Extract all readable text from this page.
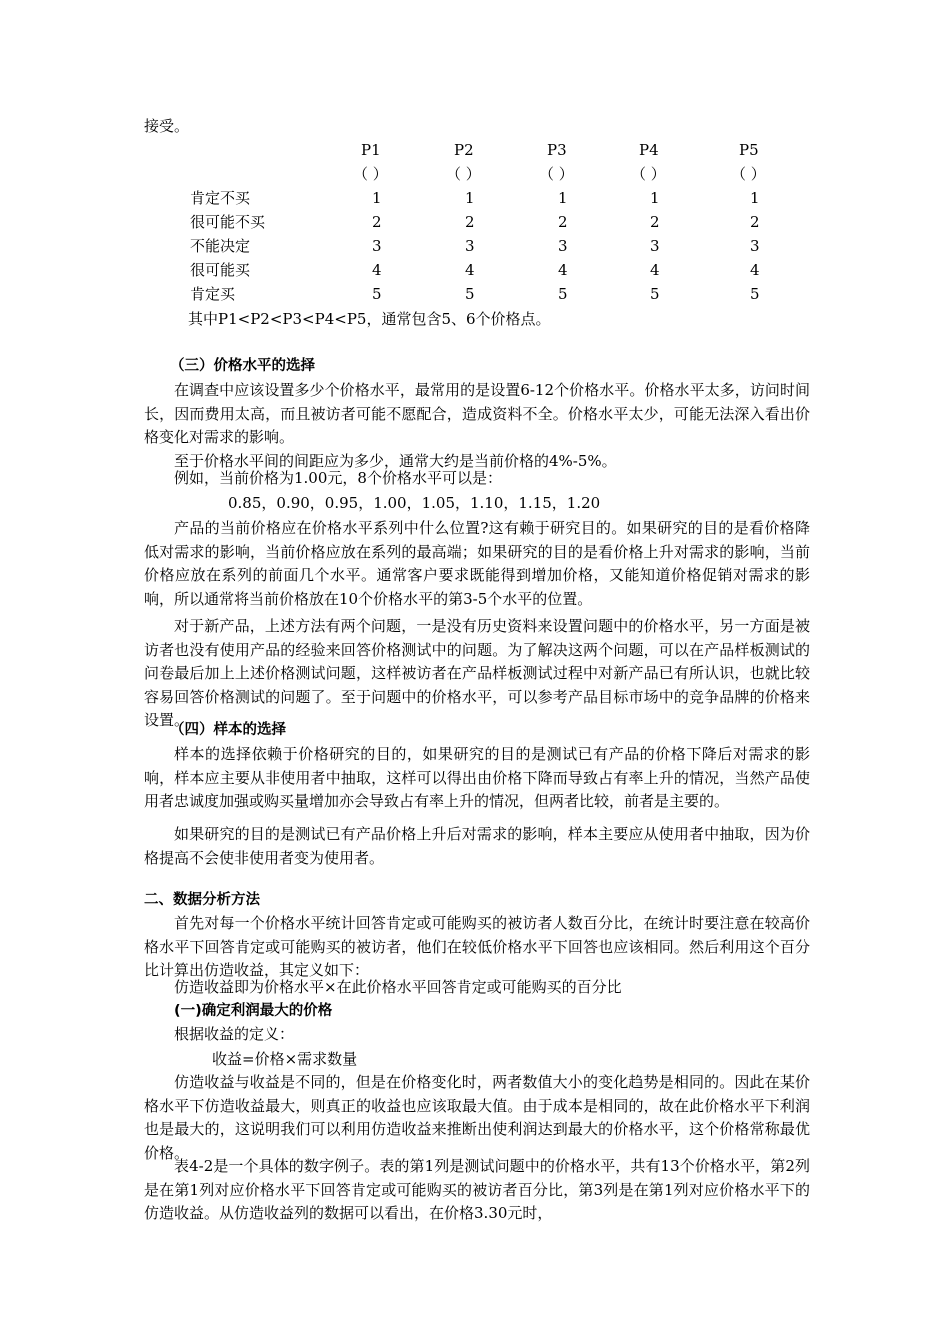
接受。
P1	P2	P3	P4	P5
（ ）	（ ）	（ ）	（ ）	（ ）
肯定不买	1	1	1	1	1
很可能不买	2	2	2	2	2
不能决定	3	3	3	3	3
很可能买	4	4	4	4	4
肯定买	5	5	5	5	5
其中P1<P2<P3<P4<P5，通常包含5、6个价格点。
（三）价格水平的选择
在调查中应该设置多少个价格水平，最常用的是设置6-12个价格水平。价格水平太多，访问时间长，因而费用太高，而且被访者可能不愿配合，造成资料不全。价格水平太少，可能无法深入看出价格变化对需求的影响。
至于价格水平间的间距应为多少，通常大约是当前价格的4%-5%。
例如，当前价格为1.00元，8个价格水平可以是：
0.85，0.90，0.95，1.00，1.05，1.10，1.15，1.20
产品的当前价格应在价格水平系列中什么位置?这有赖于研究目的。如果研究的目的是看价格降低对需求的影响，当前价格应放在系列的最高端；如果研究的目的是看价格上升对需求的影响，当前价格应放在系列的前面几个水平。通常客户要求既能得到增加价格，又能知道价格促销对需求的影响，所以通常将当前价格放在10个价格水平的第3-5个水平的位置。
对于新产品，上述方法有两个问题，一是没有历史资料来设置问题中的价格水平，另一方面是被访者也没有使用产品的经验来回答价格测试中的问题。为了解决这两个问题，可以在产品样板测试的问卷最后加上上述价格测试问题，这样被访者在产品样板测试过程中对新产品已有所认识，也就比较容易回答价格测试的问题了。至于问题中的价格水平，可以参考产品目标市场中的竞争品牌的价格来设置。
（四）样本的选择
样本的选择依赖于价格研究的目的，如果研究的目的是测试已有产品的价格下降后对需求的影响，样本应主要从非使用者中抽取，这样可以得出由价格下降而导致占有率上升的情况，当然产品使用者忠诚度加强或购买量增加亦会导致占有率上升的情况，但两者比较，前者是主要的。
如果研究的目的是测试已有产品价格上升后对需求的影响，样本主要应从使用者中抽取，因为价格提高不会使非使用者变为使用者。
二、数据分析方法
首先对每一个价格水平统计回答肯定或可能购买的被访者人数百分比，在统计时要注意在较高价格水平下回答肯定或可能购买的被访者，他们在较低价格水平下回答也应该相同。然后利用这个百分比计算出仿造收益，其定义如下：
仿造收益即为价格水平×在此价格水平回答肯定或可能购买的百分比
(一)确定利润最大的价格
根据收益的定义：
收益=价格×需求数量
仿造收益与收益是不同的，但是在价格变化时，两者数值大小的变化趋势是相同的。因此在某价格水平下仿造收益最大，则真正的收益也应该取最大值。由于成本是相同的，故在此价格水平下利润也是最大的，这说明我们可以利用仿造收益来推断出使利润达到最大的价格水平，这个价格常称最优价格。
表4-2是一个具体的数字例子。表的第1列是测试问题中的价格水平，共有13个价格水平，第2列是在第1列对应价格水平下回答肯定或可能购买的被访者百分比，第3列是在第1列对应价格水平下的仿造收益。从仿造收益列的数据可以看出，在价格3.30元时，
